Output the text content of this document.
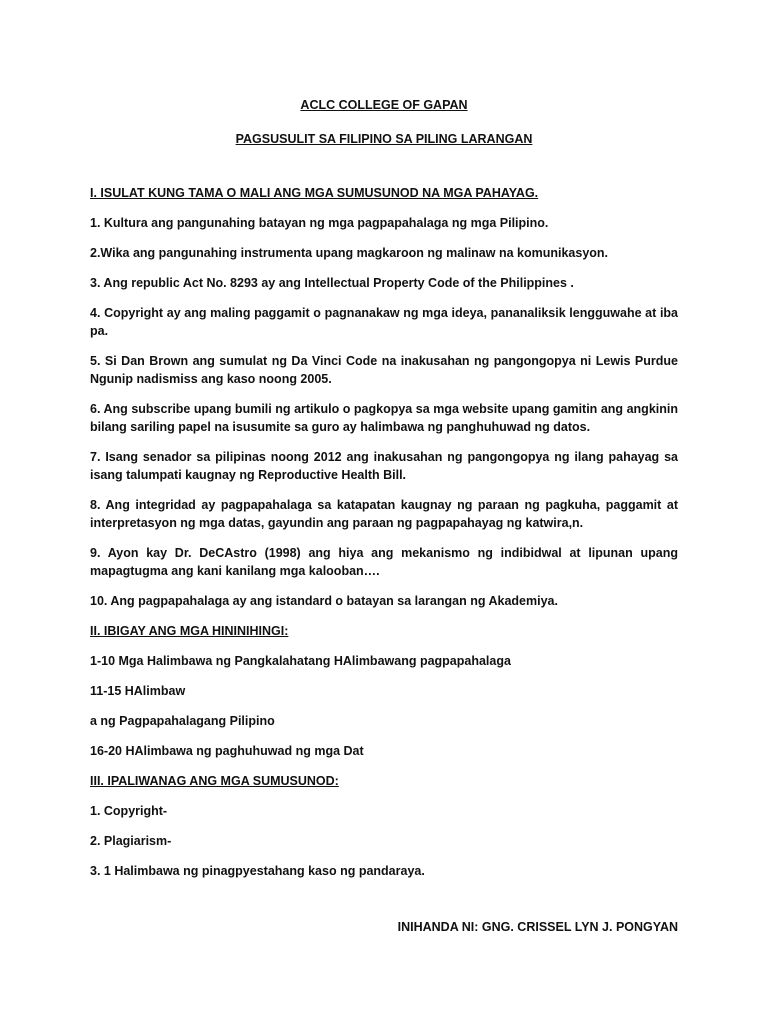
ACLC COLLEGE OF GAPAN

PAGSUSULIT SA FILIPINO SA PILING LARANGAN

I. ISULAT KUNG TAMA O MALI ANG MGA SUMUSUNOD NA MGA PAHAYAG.

1. Kultura ang pangunahing batayan ng mga pagpapahalaga ng mga Pilipino.

2.Wika ang pangunahing instrumenta upang magkaroon ng malinaw na komunikasyon.

3. Ang republic Act No. 8293 ay ang Intellectual Property Code of the Philippines .

4. Copyright ay ang maling paggamit o pagnanakaw ng mga ideya, pananaliksik lengguwahe at iba pa.

5. Si Dan Brown ang sumulat ng Da Vinci Code na inakusahan ng pangongopya ni Lewis Purdue Ngunip nadismiss ang kaso noong 2005.

6. Ang subscribe upang bumili ng artikulo o pagkopya sa mga website upang gamitin ang angkinin bilang sariling papel na isusumite sa guro ay halimbawa ng panghuhuwad ng datos.

7. Isang senador sa pilipinas noong 2012 ang inakusahan ng pangongopya ng ilang pahayag sa isang talumpati kaugnay ng Reproductive Health Bill.

8. Ang integridad ay pagpapahalaga sa katapatan kaugnay ng paraan ng pagkuha, paggamit at interpretasyon ng mga datas, gayundin ang paraan ng pagpapahayag ng katwira,n.

9. Ayon kay Dr. DeCAstro (1998) ang hiya ang mekanismo ng indibidwal at lipunan upang mapagtugma ang kani kanilang mga kalooban….

10. Ang pagpapahalaga ay ang istandard o batayan sa larangan ng Akademiya.

II. IBIGAY ANG MGA HININIHINGI:

1-10 Mga Halimbawa ng Pangkalahatang HAlimbawang pagpapahalaga

11-15 HAlimbaw

a ng Pagpapahalagang Pilipino

16-20 HAlimbawa ng paghuhuwad ng mga Dat

III. IPALIWANAG ANG MGA SUMUSUNOD:

1. Copyright-

2. Plagiarism-

3. 1 Halimbawa ng pinagpyestahang kaso ng pandaraya.

INIHANDA NI: GNG. CRISSEL LYN J. PONGYAN
